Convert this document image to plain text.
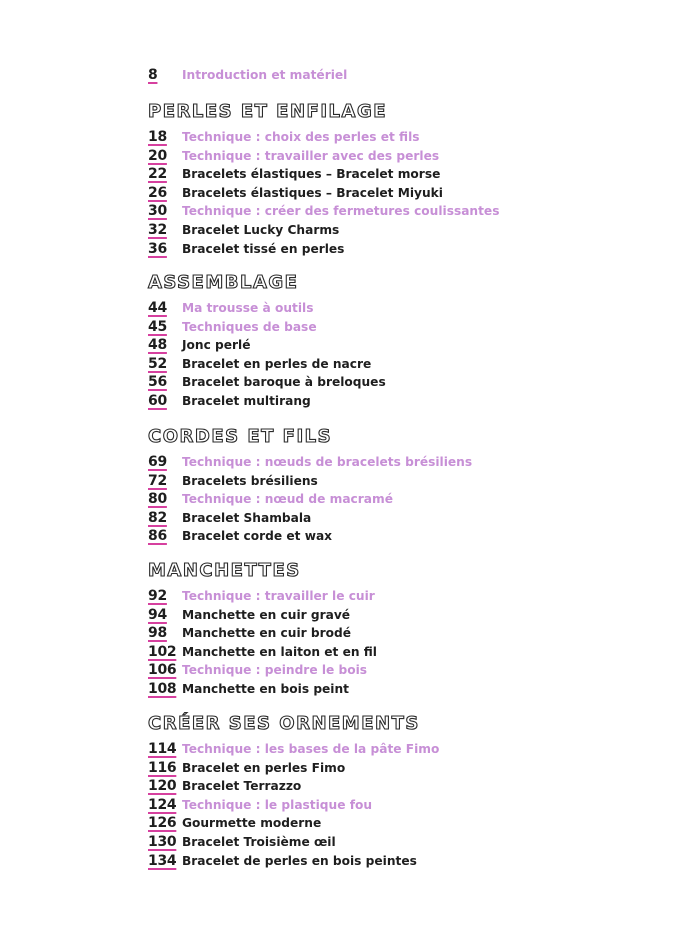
8	Introduction et matériel
PERLES ET ENFILAGE
18	Technique : choix des perles et fils
20	Technique : travailler avec des perles
22	Bracelets élastiques – Bracelet morse
26	Bracelets élastiques – Bracelet Miyuki
30	Technique : créer des fermetures coulissantes
32	Bracelet Lucky Charms
36	Bracelet tissé en perles
ASSEMBLAGE
44	Ma trousse à outils
45	Techniques de base
48	Jonc perlé
52	Bracelet en perles de nacre
56	Bracelet baroque à breloques
60	Bracelet multirang
CORDES ET FILS
69	Technique : nœuds de bracelets brésiliens
72	Bracelets brésiliens
80	Technique : nœud de macramé
82	Bracelet Shambala
86	Bracelet corde et wax
MANCHETTES
92	Technique : travailler le cuir
94	Manchette en cuir gravé
98	Manchette en cuir brodé
102 Manchette en laiton et en fil
106 Technique : peindre le bois
108 Manchette en bois peint
CRÉER SES ORNEMENTS
114 Technique : les bases de la pâte Fimo
116 Bracelet en perles Fimo
120 Bracelet Terrazzo
124 Technique : le plastique fou
126 Gourmette moderne
130 Bracelet Troisième œil
134 Bracelet de perles en bois peintes
